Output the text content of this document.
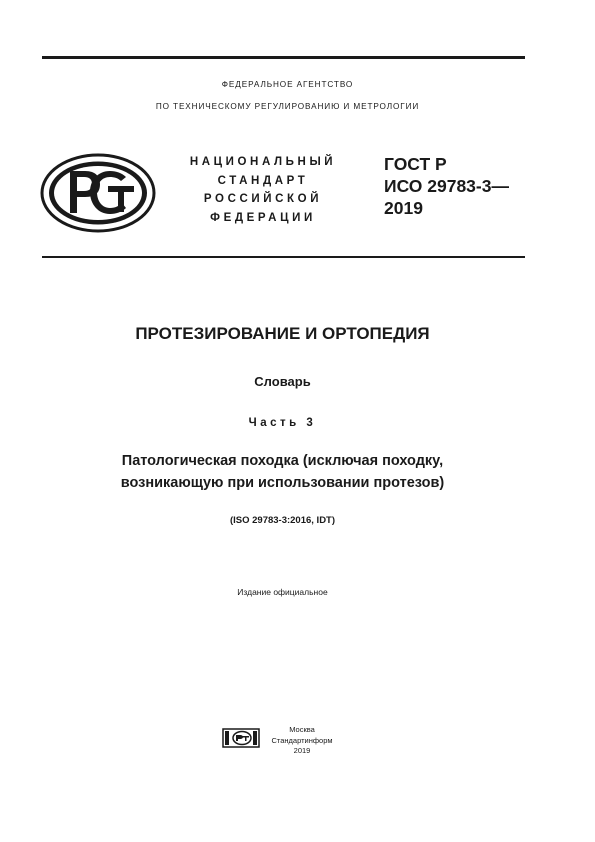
ФЕДЕРАЛЬНОЕ АГЕНТСТВО
ПО ТЕХНИЧЕСКОМУ РЕГУЛИРОВАНИЮ И МЕТРОЛОГИИ
НАЦИОНАЛЬНЫЙ
СТАНДАРТ
РОССИЙСКОЙ
ФЕДЕРАЦИИ
ГОСТ Р
ИСО 29783-3—
2019
ПРОТЕЗИРОВАНИЕ И ОРТОПЕДИЯ
Словарь
Часть 3
Патологическая походка (исключая походку,
возникающую при использовании протезов)
(ISO 29783-3:2016, IDT)
Издание официальное
Москва
Стандартинформ
2019
